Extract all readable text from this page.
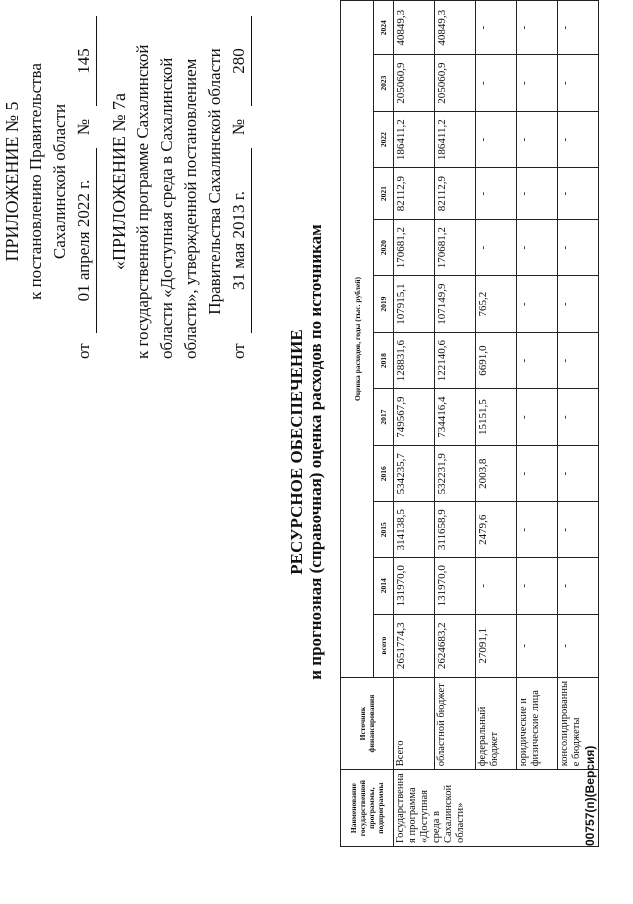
ПРИЛОЖЕНИЕ № 5 к постановлению Правительства Сахалинской области

от
01 апреля 2022 г.
№
145

«ПРИЛОЖЕНИЕ № 7а к государственной программе Сахалинской области «Доступная среда в Сахалинской области», утвержденной постановлением Правительства Сахалинской области

от
31 мая 2013 г.
№
280
РЕСУРСНОЕ ОБЕСПЕЧЕНИЕ и прогнозная (справочная) оценка расходов по источникам
Наименование государственной программы, подпрограммы	Источник финансирования	Оценка расходов, годы (тыс. рублей)											
		всего	2014	2015	2016	2017	2018	2019	2020	2021	2022	2023	2024
Государственна я программа «Доступная среда в Сахалинской области»	Всего	2651774,3	131970,0	314138,5	534235,7	749567,9	128831,6	107915,1	170681,2	82112,9	186411,2	205060,9	40849,3
	областной бюджет	2624683,2	131970,0	311658,9	532231,9	734416,4	122140,6	107149,9	170681,2	82112,9	186411,2	205060,9	40849,3
	федеральный бюджет	27091,1	-	2479,6	2003,8	15151,5	6691,0	765,2	-	-	-	-	-
	юридические и физические лица	-	-	-	-	-	-	-	-	-	-	-	-
	консолидированны е бюджеты	-	-	-	-	-	-	-	-	-	-	-	-
00757(п)(Версия)
